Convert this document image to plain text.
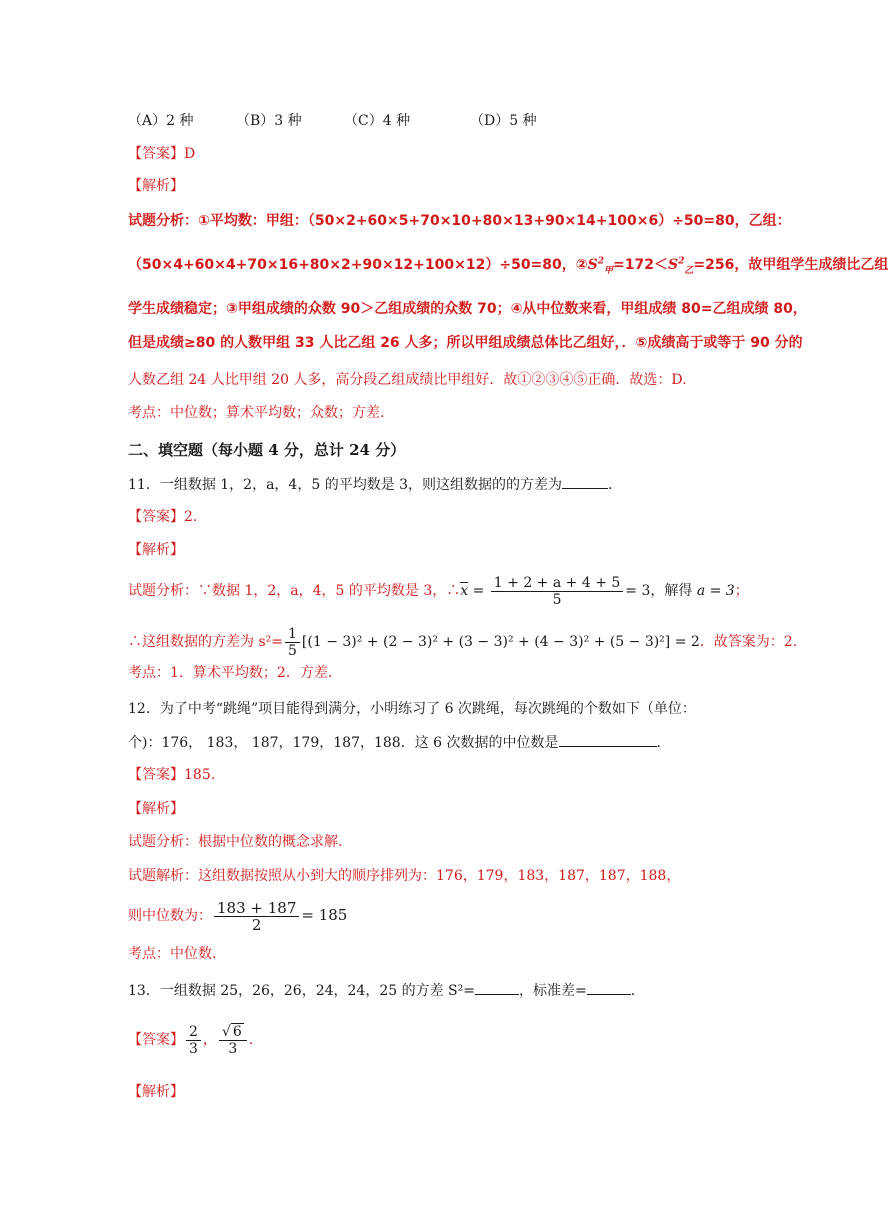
（A）2 种	（B）3 种	（C）4 种	（D）5 种
【答案】D
【解析】
试题分析：①平均数：甲组：（50×2+60×5+70×10+80×13+90×14+100×6）÷50=80，乙组：
（50×4+60×4+70×16+80×2+90×12+100×12）÷50=80，$②S^2_甲=172<S^2_乙=256$，故甲组学生成绩比乙组
学生成绩稳定；③甲组成绩的众数 90＞乙组成绩的众数 70；④从中位数来看，甲组成绩 80=乙组成绩 80，
但是成绩≥80 的人数甲组 33 人比乙组 26 人多；所以甲组成绩总体比乙组好，．⑤成绩高于或等于 90 分的
人数乙组 24 人比甲组 20 人多，高分段乙组成绩比甲组好．故①②③④⑤正确．故选：D.
考点：中位数；算术平均数；众数；方差.
二、填空题（每小题 4 分，总计 24 分）
11．一组数据 1，2，a，4，5 的平均数是 3，则这组数据的的方差为	.
【答案】2.
【解析】
试题分析：∵数据 1，2，a，4，5 的平均数是 3，$\therefore\overline{x} = \frac{1 + 2 + a + 4 + 5}{5} = 3$，解得 a = 3；
∴这组数据的方差为 $s^2= \frac{1}{5} [(1 - 3)^2 + (2 - 3)^2 + (3 - 3)^2 + (4 - 3)^2 + (5 - 3)^2] = 2$．故答案为：2.
考点：1．算术平均数；2．方差.
12．为了中考“跳绳”项目能得到满分，小明练习了 6 次跳绳，每次跳绳的个数如下（单位：
个)：176， 183， 187，179，187，188．这 6 次数据的中位数是	.
【答案】185.
【解析】
试题分析：根据中位数的概念求解.
试题解析：这组数据按照从小到大的顺序排列为：176，179，183，187，187，188，
则中位数为： $\frac{183 + 187}{2} = 185$
考点：中位数.
13．一组数据 25，26，26，24，24，25 的方差 S²=	，标准差=	.
【答案】 $\frac{2}{3}$ ， $\frac{√ 6}{3}$ .
【解析】
